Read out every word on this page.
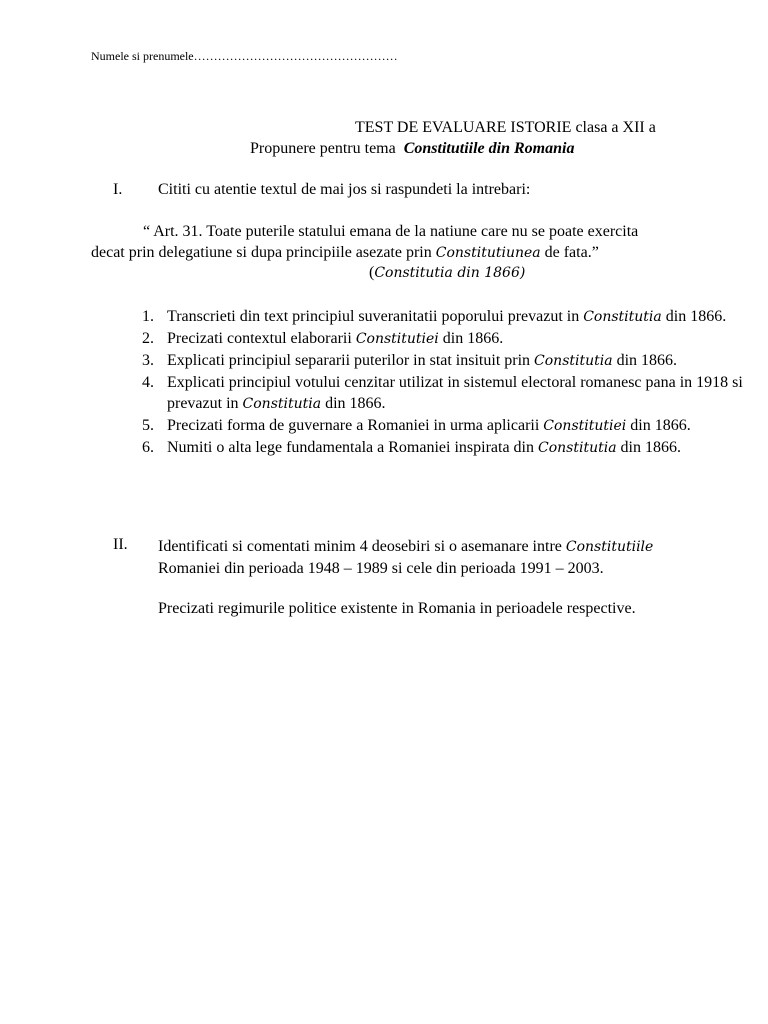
Numele si prenumele……………………………………………
TEST DE EVALUARE ISTORIE clasa a XII a
Propunere pentru tema Constitutiile din Romania
I. Cititi cu atentie textul de mai jos si raspundeti la intrebari:
“ Art. 31. Toate puterile statului emana de la natiune care nu se poate exercita
decat prin delegatiune si dupa principiile asezate prin Constitutiunea de fata.”
(Constitutia din 1866)
1. Transcrieti din text principiul suveranitatii poporului prevazut in Constitutia din 1866.
2. Precizati contextul elaborarii Constitutiei din 1866.
3. Explicati principiul separarii puterilor in stat insituit prin Constitutia din 1866.
4. Explicati principiul votului cenzitar utilizat in sistemul electoral romanesc pana in 1918 si prevazut in Constitutia din 1866.
5. Precizati forma de guvernare a Romaniei in urma aplicarii Constitutiei din 1866.
6. Numiti o alta lege fundamentala a Romaniei inspirata din Constitutia din 1866.
II. Identificati si comentati minim 4 deosebiri si o asemanare intre Constitutiile
Romaniei din perioada 1948 – 1989 si cele din perioada 1991 – 2003.
Precizati regimurile politice existente in Romania in perioadele respective.
